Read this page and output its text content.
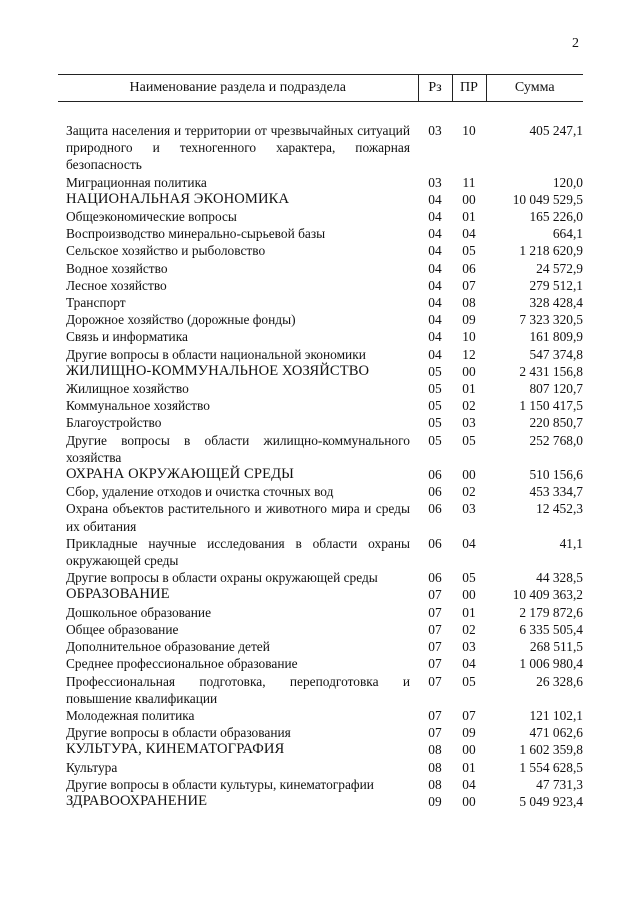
2
Наименование раздела и подраздела	Рз	ПР	Сумма

Защита населения и территории от чрезвычайных ситуаций природного и техногенного характера, пожарная безопасность	03	10	405 247,1
Миграционная политика	03	11	120,0
НАЦИОНАЛЬНАЯ ЭКОНОМИКА	04	00	10 049 529,5
Общеэкономические вопросы	04	01	165 226,0
Воспроизводство минерально-сырьевой базы	04	04	664,1
Сельское хозяйство и рыболовство	04	05	1 218 620,9
Водное хозяйство	04	06	24 572,9
Лесное хозяйство	04	07	279 512,1
Транспорт	04	08	328 428,4
Дорожное хозяйство (дорожные фонды)	04	09	7 323 320,5
Связь и информатика	04	10	161 809,9
Другие вопросы в области национальной экономики	04	12	547 374,8
ЖИЛИЩНО-КОММУНАЛЬНОЕ ХОЗЯЙСТВО	05	00	2 431 156,8
Жилищное хозяйство	05	01	807 120,7
Коммунальное хозяйство	05	02	1 150 417,5
Благоустройство	05	03	220 850,7
Другие вопросы в области жилищно-коммунального хозяйства	05	05	252 768,0
ОХРАНА ОКРУЖАЮЩЕЙ СРЕДЫ	06	00	510 156,6
Сбор, удаление отходов и очистка сточных вод	06	02	453 334,7
Охрана объектов растительного и животного мира и среды их обитания	06	03	12 452,3
Прикладные научные исследования в области охраны окружающей среды	06	04	41,1
Другие вопросы в области охраны окружающей среды	06	05	44 328,5
ОБРАЗОВАНИЕ	07	00	10 409 363,2
Дошкольное образование	07	01	2 179 872,6
Общее образование	07	02	6 335 505,4
Дополнительное образование детей	07	03	268 511,5
Среднее профессиональное образование	07	04	1 006 980,4
Профессиональная подготовка, переподготовка и повышение квалификации	07	05	26 328,6
Молодежная политика	07	07	121 102,1
Другие вопросы в области образования	07	09	471 062,6
КУЛЬТУРА, КИНЕМАТОГРАФИЯ	08	00	1 602 359,8
Культура	08	01	1 554 628,5
Другие вопросы в области культуры, кинематографии	08	04	47 731,3
ЗДРАВООХРАНЕНИЕ	09	00	5 049 923,4
